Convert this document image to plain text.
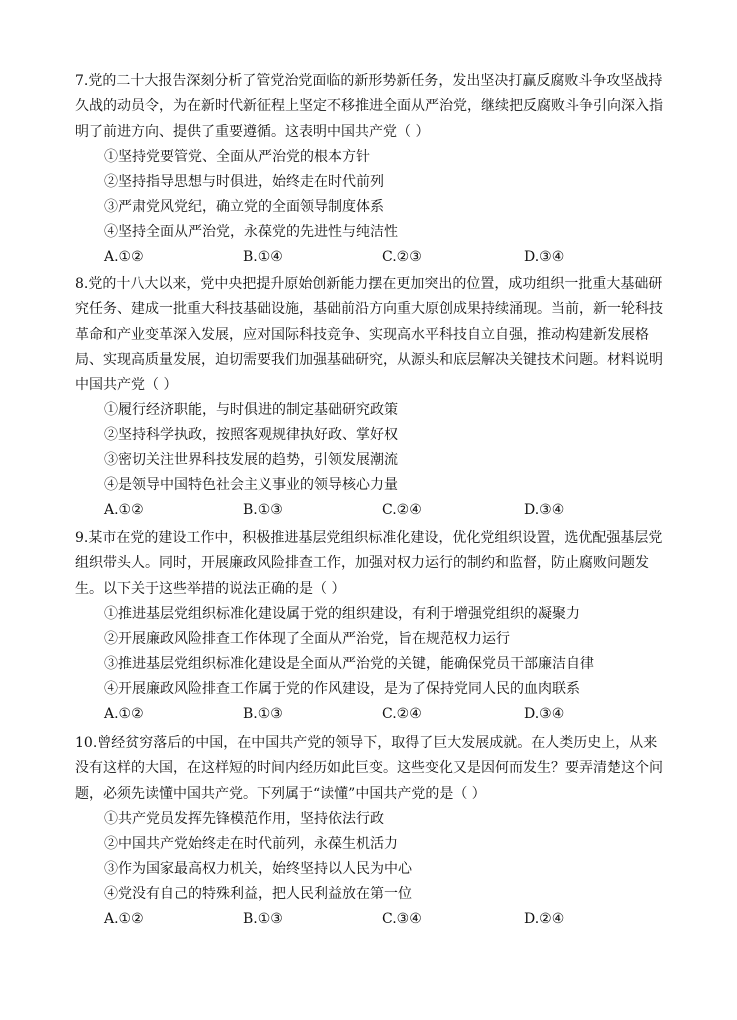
7.党的二十大报告深刻分析了管党治党面临的新形势新任务，发出坚决打赢反腐败斗争攻坚战持久战的动员令，为在新时代新征程上坚定不移推进全面从严治党，继续把反腐败斗争引向深入指明了前进方向、提供了重要遵循。这表明中国共产党（ ）

①坚持党要管党、全面从严治党的根本方针

②坚持指导思想与时俱进，始终走在时代前列

③严肃党风党纪，确立党的全面领导制度体系

④坚持全面从严治党，永葆党的先进性与纯洁性

A.①②	B.①④	C.②③	D.③④

8.党的十八大以来，党中央把提升原始创新能力摆在更加突出的位置，成功组织一批重大基础研究任务、建成一批重大科技基础设施，基础前沿方向重大原创成果持续涌现。当前，新一轮科技革命和产业变革深入发展，应对国际科技竞争、实现高水平科技自立自强，推动构建新发展格局、实现高质量发展，迫切需要我们加强基础研究，从源头和底层解决关键技术问题。材料说明中国共产党（ ）

①履行经济职能，与时俱进的制定基础研究政策

②坚持科学执政，按照客观规律执好政、掌好权

③密切关注世界科技发展的趋势，引领发展潮流

④是领导中国特色社会主义事业的领导核心力量

A.①②	B.①③	C.②④	D.③④

9.某市在党的建设工作中，积极推进基层党组织标准化建设，优化党组织设置，选优配强基层党组织带头人。同时，开展廉政风险排查工作，加强对权力运行的制约和监督，防止腐败问题发生。以下关于这些举措的说法正确的是（ ）

①推进基层党组织标准化建设属于党的组织建设，有利于增强党组织的凝聚力

②开展廉政风险排查工作体现了全面从严治党，旨在规范权力运行

③推进基层党组织标准化建设是全面从严治党的关键，能确保党员干部廉洁自律

④开展廉政风险排查工作属于党的作风建设，是为了保持党同人民的血肉联系

A.①②	B.①③	C.②④	D.③④

10.曾经贫穷落后的中国，在中国共产党的领导下，取得了巨大发展成就。在人类历史上，从来没有这样的大国，在这样短的时间内经历如此巨变。这些变化又是因何而发生？要弄清楚这个问题，必须先读懂中国共产党。下列属于“读懂”中国共产党的是（ ）

①共产党员发挥先锋模范作用，坚持依法行政

②中国共产党始终走在时代前列，永葆生机活力

③作为国家最高权力机关，始终坚持以人民为中心

④党没有自己的特殊利益，把人民利益放在第一位

A.①②	B.①③	C.③④	D.②④
